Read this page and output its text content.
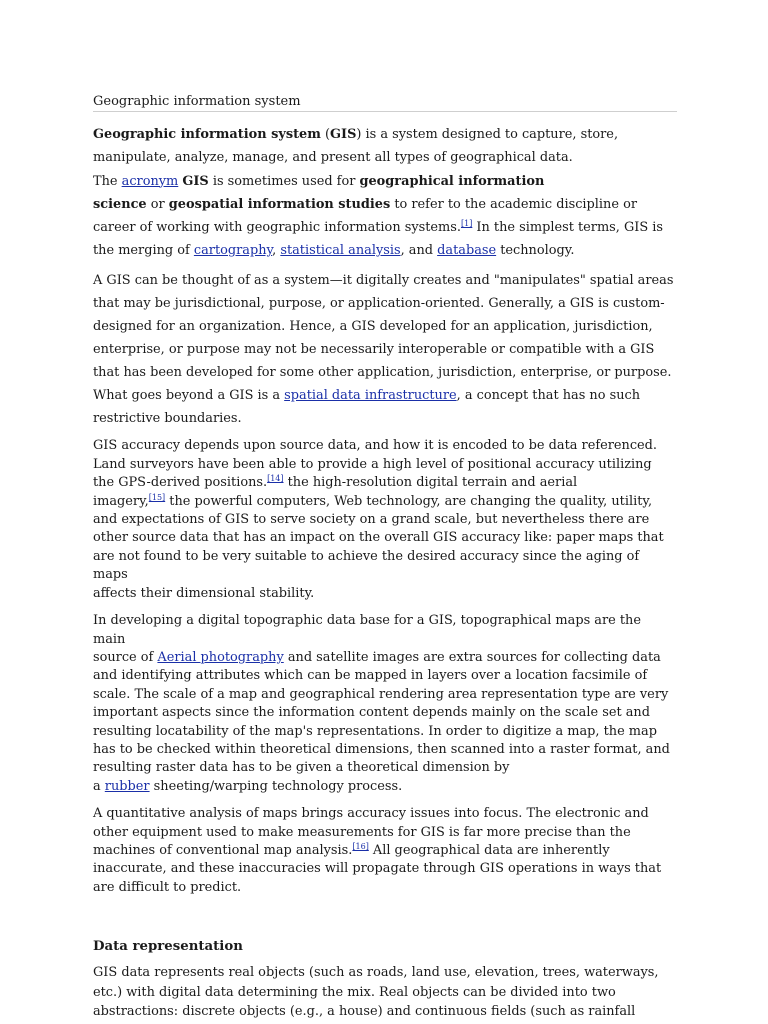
Geographic information system

Geographic information system (GIS) is a system designed to capture, store,
manipulate, analyze, manage, and present all types of geographical data.
The acronym GIS is sometimes used for geographical information
science or geospatial information studies to refer to the academic discipline or
career of working with geographic information systems.[1] In the simplest terms, GIS is
the merging of cartography, statistical analysis, and database technology.

A GIS can be thought of as a system—it digitally creates and "manipulates" spatial areas
that may be jurisdictional, purpose, or application-oriented. Generally, a GIS is custom-
designed for an organization. Hence, a GIS developed for an application, jurisdiction,
enterprise, or purpose may not be necessarily interoperable or compatible with a GIS
that has been developed for some other application, jurisdiction, enterprise, or purpose.
What goes beyond a GIS is a spatial data infrastructure, a concept that has no such
restrictive boundaries.

GIS accuracy depends upon source data, and how it is encoded to be data referenced.
Land surveyors have been able to provide a high level of positional accuracy utilizing
the GPS-derived positions.[14] the high-resolution digital terrain and aerial
imagery,[15] the powerful computers, Web technology, are changing the quality, utility,
and expectations of GIS to serve society on a grand scale, but nevertheless there are
other source data that has an impact on the overall GIS accuracy like: paper maps that
are not found to be very suitable to achieve the desired accuracy since the aging of maps
affects their dimensional stability.

In developing a digital topographic data base for a GIS, topographical maps are the main
source of Aerial photography and satellite images are extra sources for collecting data
and identifying attributes which can be mapped in layers over a location facsimile of
scale. The scale of a map and geographical rendering area representation type are very
important aspects since the information content depends mainly on the scale set and
resulting locatability of the map's representations. In order to digitize a map, the map
has to be checked within theoretical dimensions, then scanned into a raster format, and
resulting raster data has to be given a theoretical dimension by
a rubber sheeting/warping technology process.

A quantitative analysis of maps brings accuracy issues into focus. The electronic and
other equipment used to make measurements for GIS is far more precise than the
machines of conventional map analysis.[16] All geographical data are inherently
inaccurate, and these inaccuracies will propagate through GIS operations in ways that
are difficult to predict.

Data representation

GIS data represents real objects (such as roads, land use, elevation, trees, waterways,
etc.) with digital data determining the mix. Real objects can be divided into two
abstractions: discrete objects (e.g., a house) and continuous fields (such as rainfall
